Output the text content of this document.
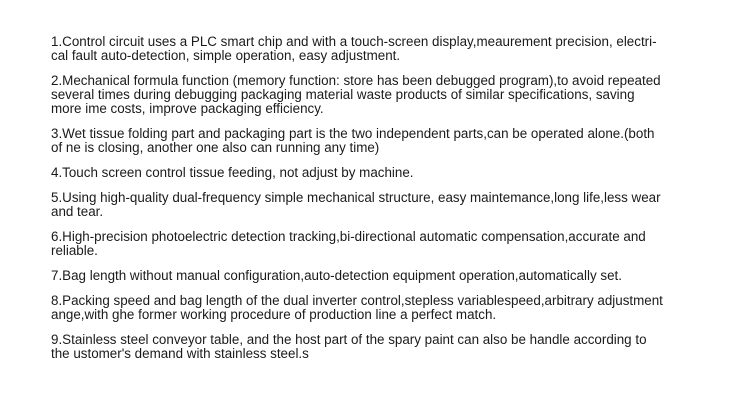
1.Control circuit uses a PLC smart chip and with a touch-screen display,meaurement precision, electri-
cal fault auto-detection, simple operation, easy adjustment.
2.Mechanical formula function (memory function: store has been debugged program),to avoid repeated
several times during debugging packaging material waste products of similar specifications, saving
more ime costs, improve packaging efficiency.
3.Wet tissue folding part and packaging part is the two independent parts,can be operated alone.(both
of ne is closing, another one also can running any time)
4.Touch screen control tissue feeding, not adjust by machine.
5.Using high-quality dual-frequency simple mechanical structure, easy maintemance,long life,less wear
and tear.
6.High-precision photoelectric detection tracking,bi-directional automatic compensation,accurate and
reliable.
7.Bag length without manual configuration,auto-detection equipment operation,automatically set.
8.Packing speed and bag length of the dual inverter control,stepless variablespeed,arbitrary adjustment
ange,with ghe former working procedure of production line a perfect match.
9.Stainless steel conveyor table, and the host part of the spary paint can also be handle according to
the ustomer's demand with stainless steel.s
